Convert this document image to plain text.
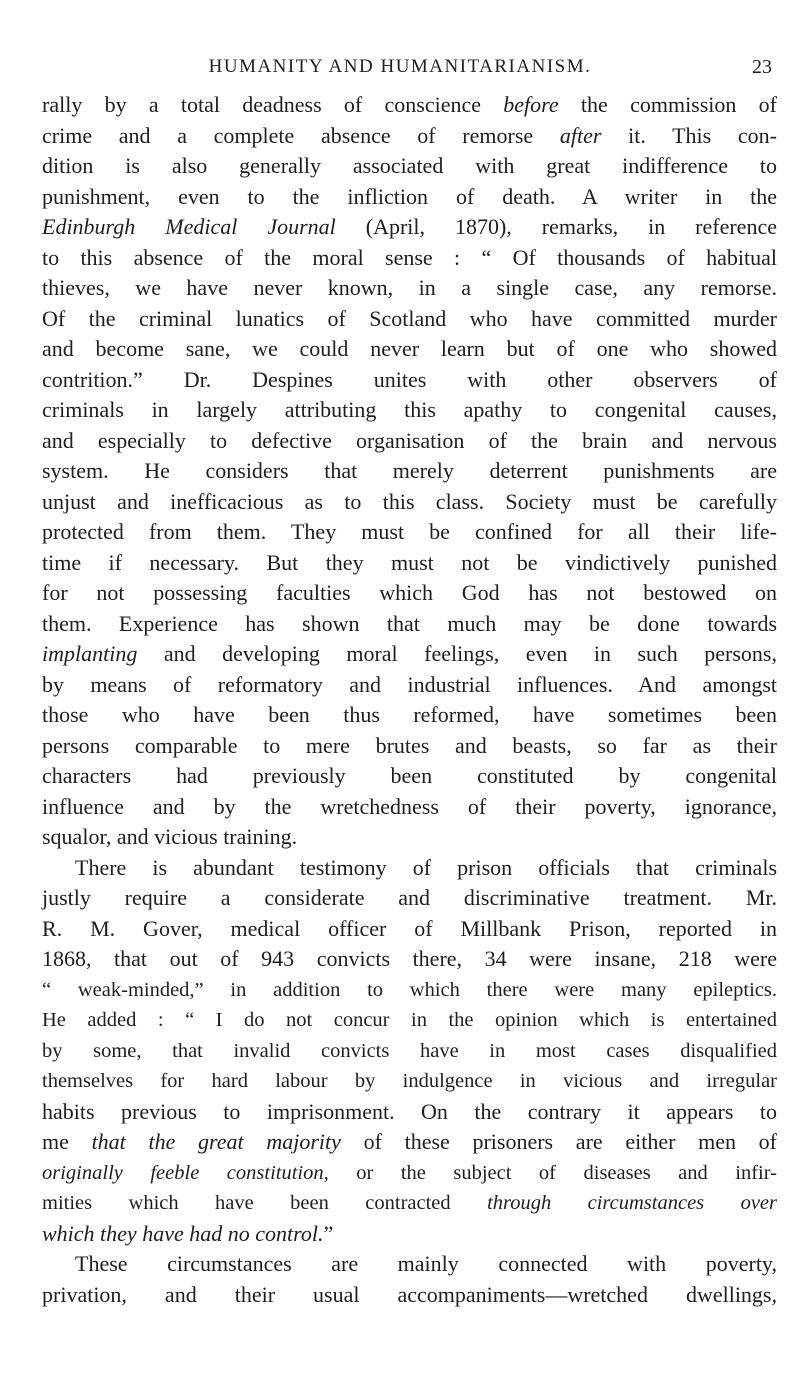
HUMANITY AND HUMANITARIANISM.	23
rally by a total deadness of conscience before the commission of
crime and a complete absence of remorse after it. This con-
dition is also generally associated with great indifference to
punishment, even to the infliction of death. A writer in the
Edinburgh Medical Journal (April, 1870), remarks, in reference
to this absence of the moral sense : “ Of thousands of habitual
thieves, we have never known, in a single case, any remorse.
Of the criminal lunatics of Scotland who have committed murder
and become sane, we could never learn but of one who showed
contrition.” Dr. Despines unites with other observers of
criminals in largely attributing this apathy to congenital causes,
and especially to defective organisation of the brain and nervous
system. He considers that merely deterrent punishments are
unjust and inefficacious as to this class. Society must be carefully
protected from them. They must be confined for all their life-
time if necessary. But they must not be vindictively punished
for not possessing faculties which God has not bestowed on
them. Experience has shown that much may be done towards
implanting and developing moral feelings, even in such persons,
by means of reformatory and industrial influences. And amongst
those who have been thus reformed, have sometimes been
persons comparable to mere brutes and beasts, so far as their
characters had previously been constituted by congenital
influence and by the wretchedness of their poverty, ignorance,
squalor, and vicious training.
There is abundant testimony of prison officials that criminals
justly require a considerate and discriminative treatment. Mr.
R. M. Gover, medical officer of Millbank Prison, reported in
1868, that out of 943 convicts there, 34 were insane, 218 were
“ weak-minded,” in addition to which there were many epileptics.
He added : “ I do not concur in the opinion which is entertained
by some, that invalid convicts have in most cases disqualified
themselves for hard labour by indulgence in vicious and irregular
habits previous to imprisonment. On the contrary it appears to
me that the great majority of these prisoners are either men of
originally feeble constitution, or the subject of diseases and infir-
mities which have been contracted through circumstances over
which they have had no control.”
These circumstances are mainly connected with poverty,
privation, and their usual accompaniments—wretched dwellings,
